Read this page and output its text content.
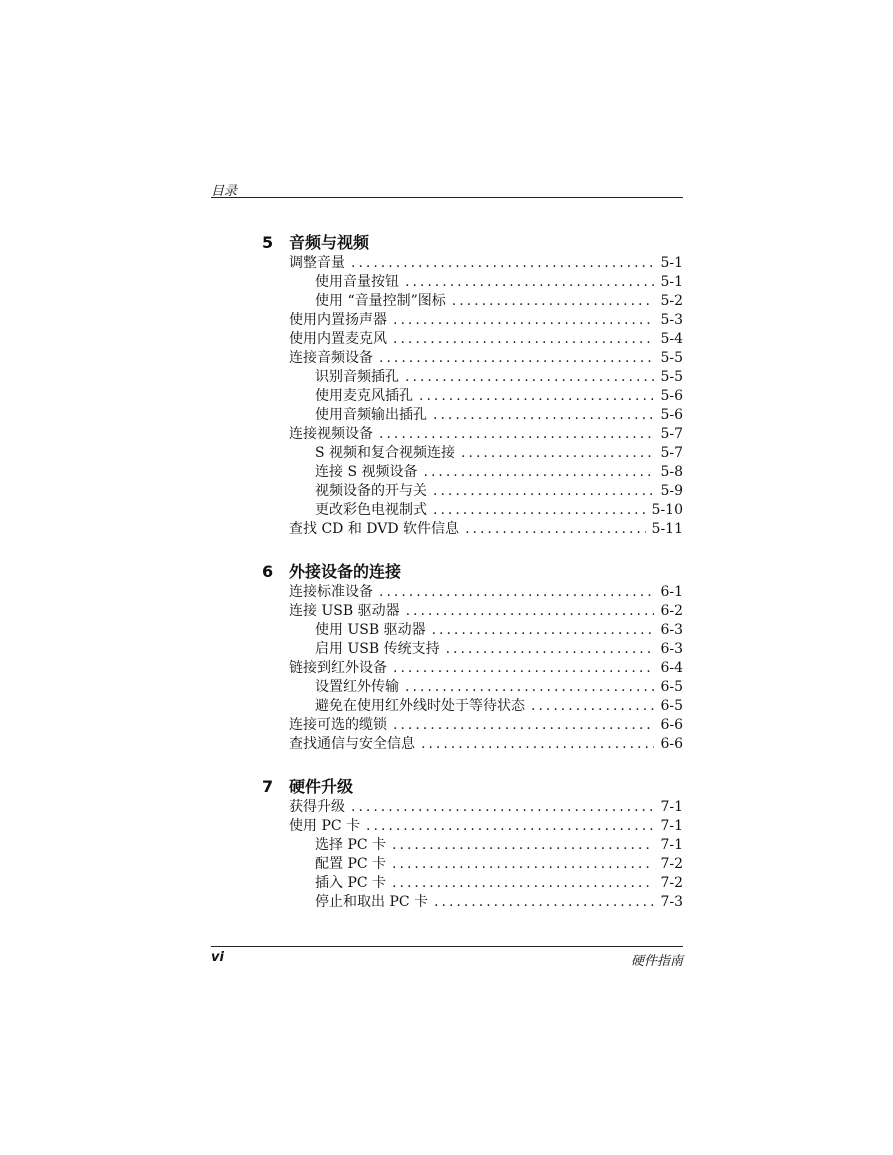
目录
5 音频与视频
调整音量 .....	5-1
使用音量按钮 .....	5-1
使用 “音量控制”图标 .....	5-2
使用内置扬声器 .....	5-3
使用内置麦克风 .....	5-4
连接音频设备 .....	5-5
识别音频插孔 .....	5-5
使用麦克风插孔 .....	5-6
使用音频输出插孔 .....	5-6
连接视频设备 .....	5-7
S 视频和复合视频连接 .....	5-7
连接 S 视频设备 .....	5-8
视频设备的开与关 .....	5-9
更改彩色电视制式 .....	5-10
查找 CD 和 DVD 软件信息 .....	5-11
6 外接设备的连接
连接标准设备 .....	6-1
连接 USB 驱动器 .....	6-2
使用 USB 驱动器 .....	6-3
启用 USB 传统支持 .....	6-3
链接到红外设备 .....	6-4
设置红外传输 .....	6-5
避免在使用红外线时处于等待状态 .....	6-5
连接可选的缆锁 .....	6-6
查找通信与安全信息 .....	6-6
7 硬件升级
获得升级 .....	7-1
使用 PC 卡 .....	7-1
选择 PC 卡 .....	7-1
配置 PC 卡 .....	7-2
插入 PC 卡 .....	7-2
停止和取出 PC 卡 .....	7-3
vi	硬件指南
